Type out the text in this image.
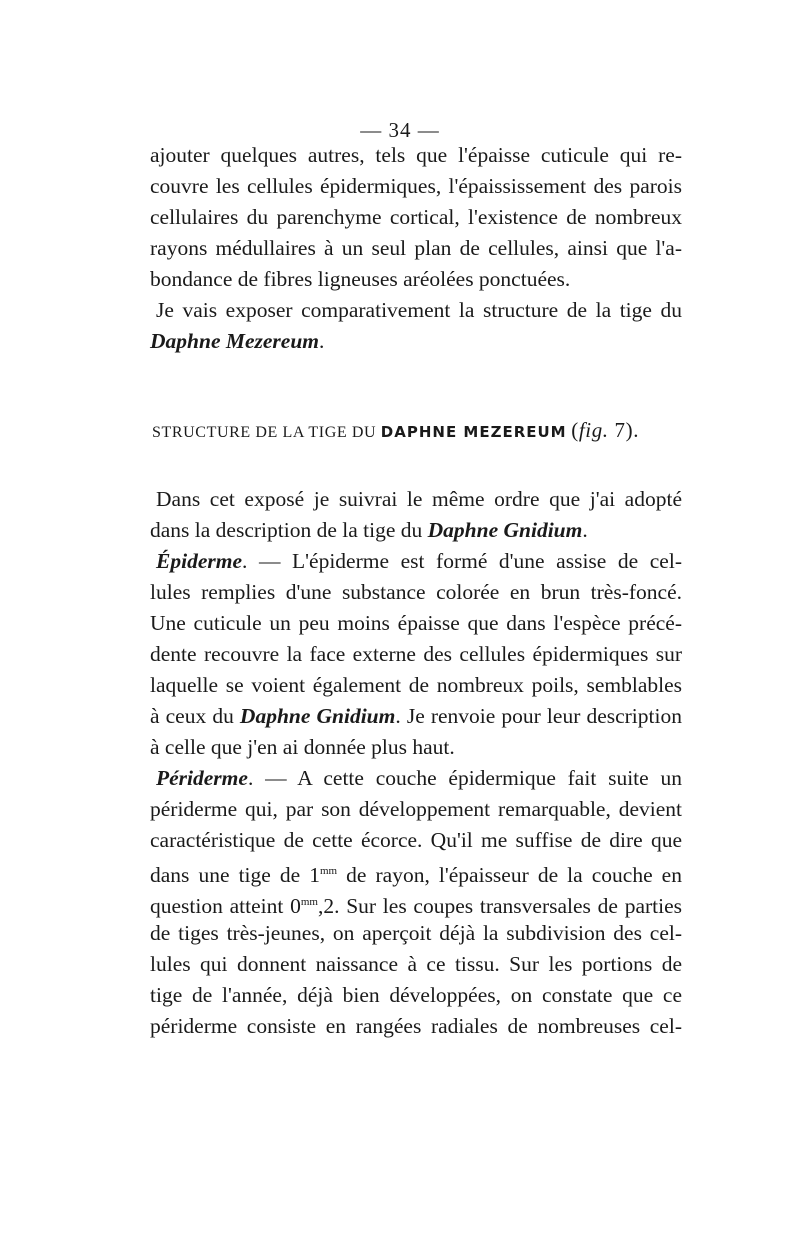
— 34 —
ajouter quelques autres, tels que l'épaisse cuticule qui re-
couvre les cellules épidermiques, l'épaississement des parois
cellulaires du parenchyme cortical, l'existence de nombreux
rayons médullaires à un seul plan de cellules, ainsi que l'a-
bondance de fibres ligneuses aréolées ponctuées.
Je vais exposer comparativement la structure de la tige du
Daphne Mezereum.
STRUCTURE DE LA TIGE DU DAPHNE MEZEREUM (fig. 7).
Dans cet exposé je suivrai le même ordre que j'ai adopté
dans la description de la tige du Daphne Gnidium.
Épiderme. — L'épiderme est formé d'une assise de cel-
lules remplies d'une substance colorée en brun très-foncé.
Une cuticule un peu moins épaisse que dans l'espèce précé-
dente recouvre la face externe des cellules épidermiques sur
laquelle se voient également de nombreux poils, semblables
à ceux du Daphne Gnidium. Je renvoie pour leur description
à celle que j'en ai donnée plus haut.
Périderme. — A cette couche épidermique fait suite un
périderme qui, par son développement remarquable, devient
caractéristique de cette écorce. Qu'il me suffise de dire que
dans une tige de $1^{mm}$ de rayon, l'épaisseur de la couche en
question atteint $0^{mm},2$. Sur les coupes transversales de parties
de tiges très-jeunes, on aperçoit déjà la subdivision des cel-
lules qui donnent naissance à ce tissu. Sur les portions de
tige de l'année, déjà bien développées, on constate que ce
périderme consiste en rangées radiales de nombreuses cel-
